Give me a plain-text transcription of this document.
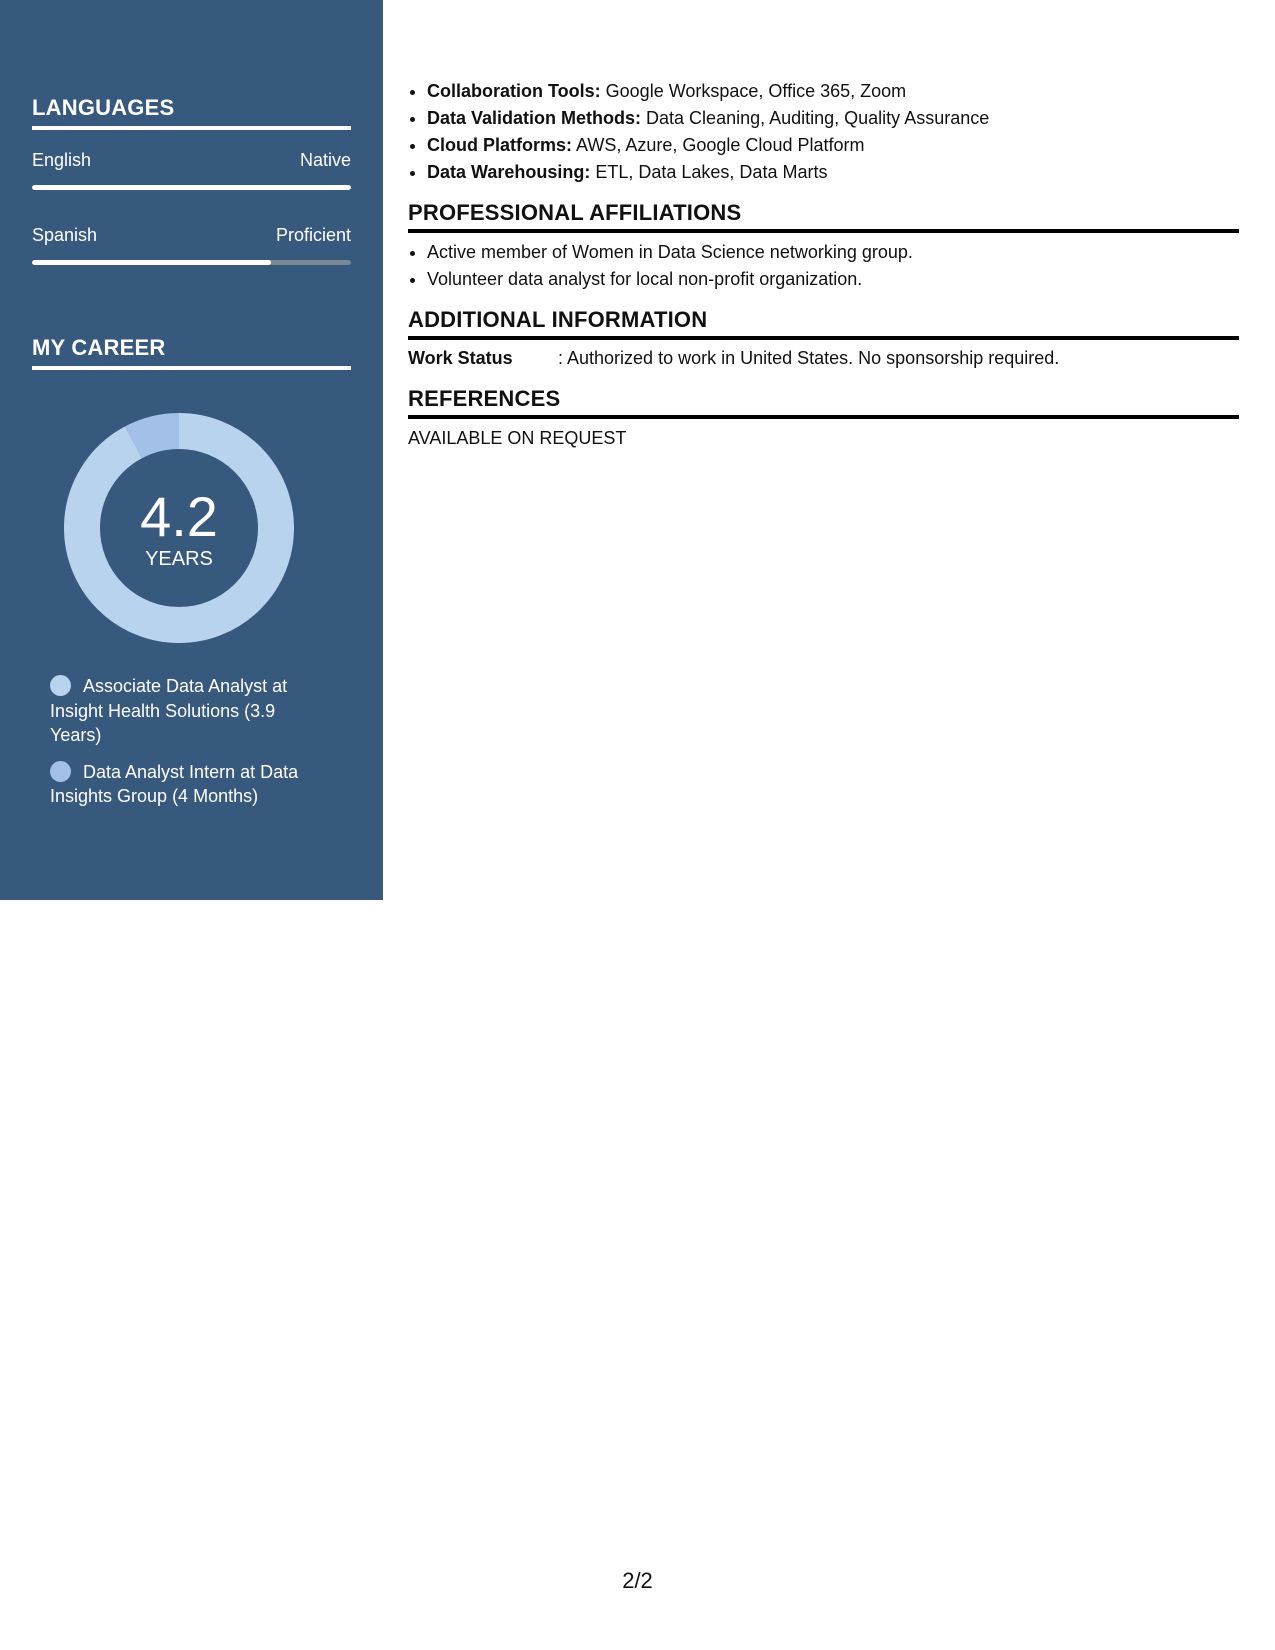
LANGUAGES
English	Native
Spanish	Proficient
MY CAREER
4.2
YEARS
Associate Data Analyst at Insight Health Solutions (3.9 Years)
Data Analyst Intern at Data Insights Group (4 Months)
• Collaboration Tools: Google Workspace, Office 365, Zoom
• Data Validation Methods: Data Cleaning, Auditing, Quality Assurance
• Cloud Platforms: AWS, Azure, Google Cloud Platform
• Data Warehousing: ETL, Data Lakes, Data Marts
PROFESSIONAL AFFILIATIONS
• Active member of Women in Data Science networking group.
• Volunteer data analyst for local non-profit organization.
ADDITIONAL INFORMATION
Work Status	: Authorized to work in United States. No sponsorship required.
REFERENCES
AVAILABLE ON REQUEST
2/2
